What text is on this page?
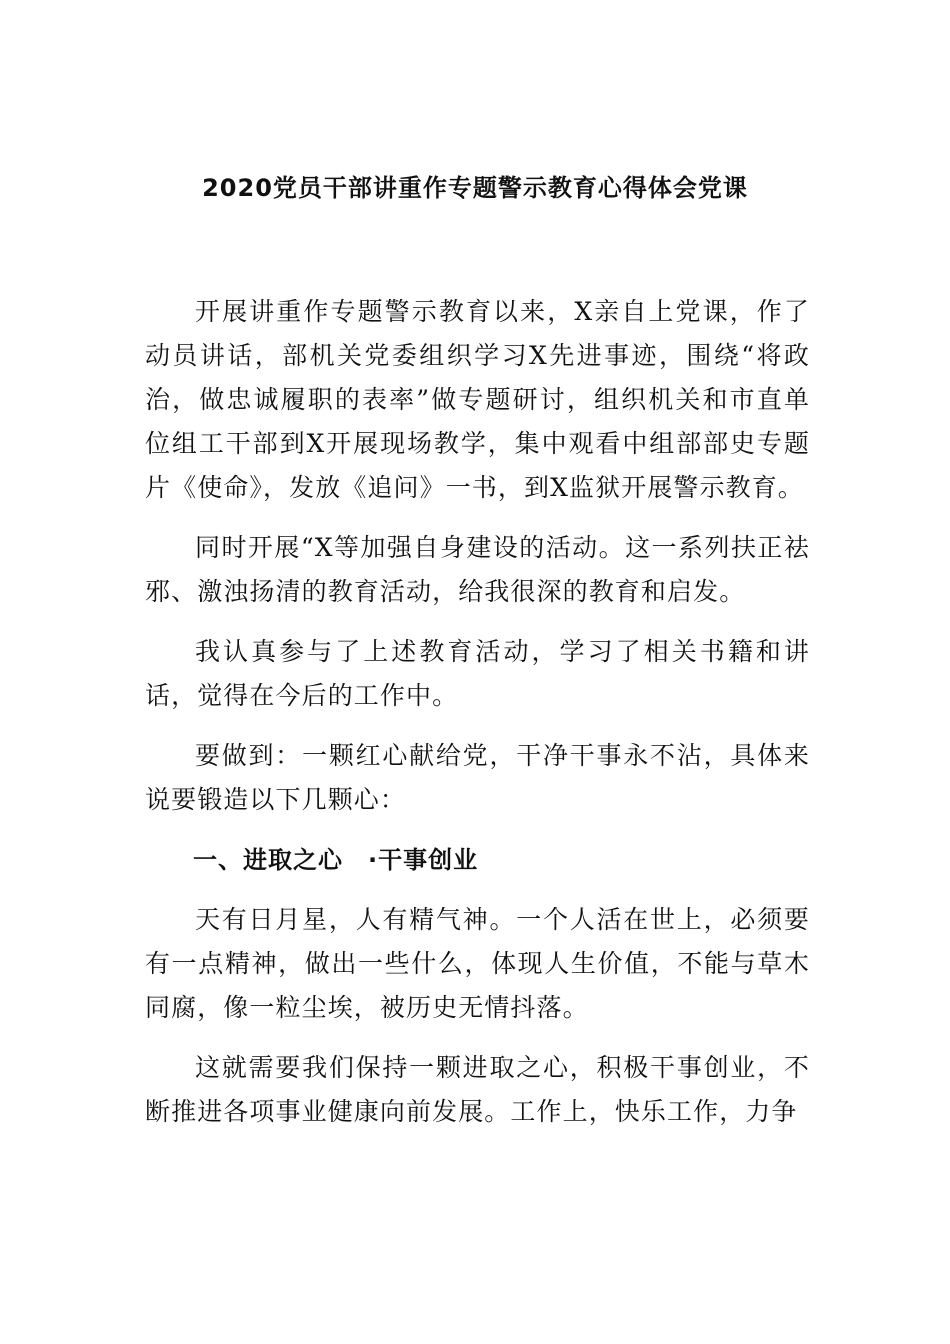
2020党员干部讲重作专题警示教育心得体会党课

开展讲重作专题警示教育以来，X亲自上党课，作了动员讲话，部机关党委组织学习X先进事迹，围绕“将政治，做忠诚履职的表率”做专题研讨，组织机关和市直单位组工干部到X开展现场教学，集中观看中组部部史专题片《使命》，发放《追问》一书，到X监狱开展警示教育。

同时开展“X等加强自身建设的活动。这一系列扶正祛邪、激浊扬清的教育活动，给我很深的教育和启发。

我认真参与了上述教育活动，学习了相关书籍和讲话，觉得在今后的工作中。

要做到：一颗红心献给党，干净干事永不沾，具体来说要锻造以下几颗心：

一、进取之心　·干事创业

天有日月星，人有精气神。一个人活在世上，必须要有一点精神，做出一些什么，体现人生价值，不能与草木同腐，像一粒尘埃，被历史无情抖落。

这就需要我们保持一颗进取之心，积极干事创业，不断推进各项事业健康向前发展。工作上，快乐工作，力争
